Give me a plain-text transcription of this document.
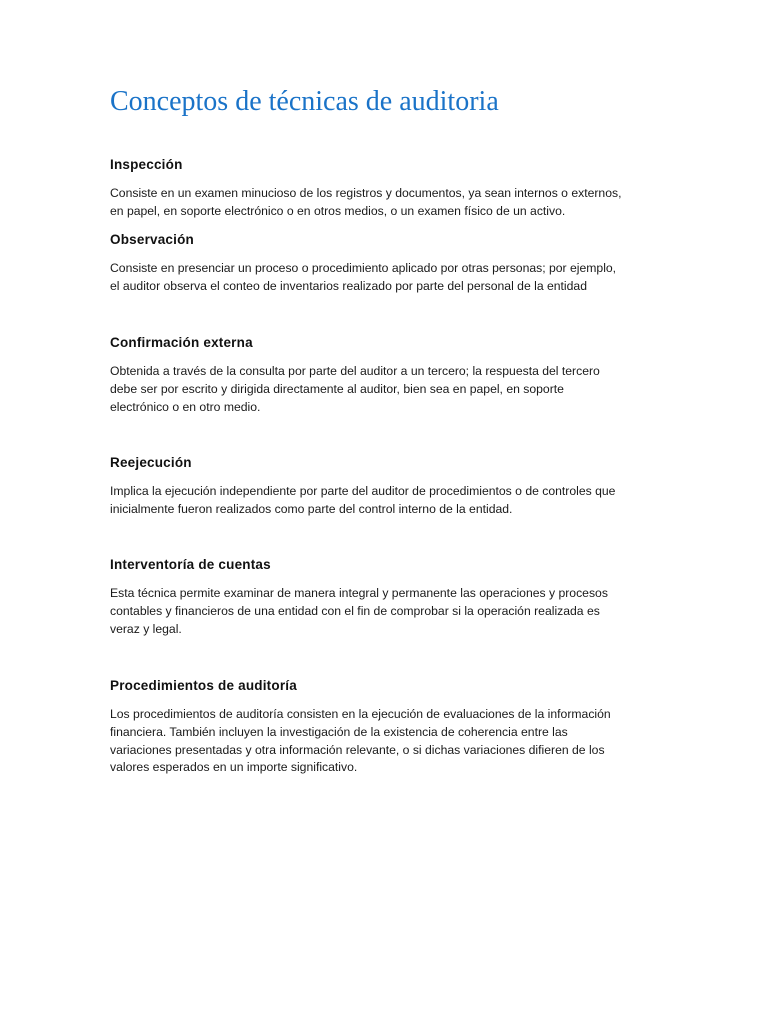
Conceptos de técnicas de auditoria
Inspección

Consiste en un examen minucioso de los registros y documentos, ya sean internos o externos,
en papel, en soporte electrónico o en otros medios, o un examen físico de un activo.

Observación

Consiste en presenciar un proceso o procedimiento aplicado por otras personas; por ejemplo,
el auditor observa el conteo de inventarios realizado por parte del personal de la entidad

Confirmación externa

Obtenida a través de la consulta por parte del auditor a un tercero; la respuesta del tercero
debe ser por escrito y dirigida directamente al auditor, bien sea en papel, en soporte
electrónico o en otro medio.

Reejecución

Implica la ejecución independiente por parte del auditor de procedimientos o de controles que
inicialmente fueron realizados como parte del control interno de la entidad.

Interventoría de cuentas

Esta técnica permite examinar de manera integral y permanente las operaciones y procesos
contables y financieros de una entidad con el fin de comprobar si la operación realizada es
veraz y legal.

Procedimientos de auditoría

Los procedimientos de auditoría consisten en la ejecución de evaluaciones de la información
financiera. También incluyen la investigación de la existencia de coherencia entre las
variaciones presentadas y otra información relevante, o si dichas variaciones difieren de los
valores esperados en un importe significativo.
